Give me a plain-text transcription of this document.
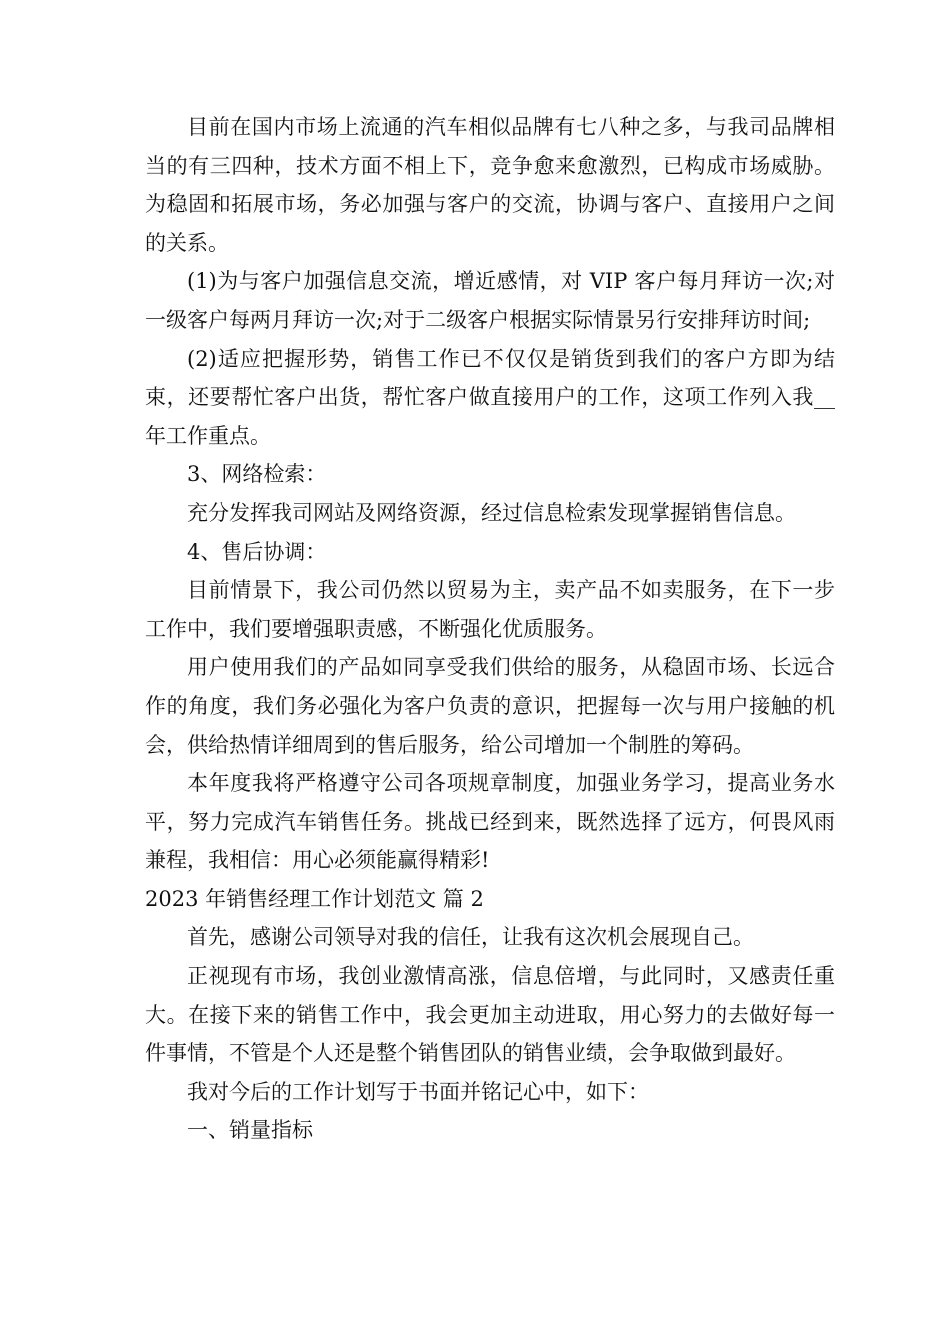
目前在国内市场上流通的汽车相似品牌有七八种之多，与我司品牌相当的有三四种，技术方面不相上下，竞争愈来愈激烈，已构成市场威胁。为稳固和拓展市场，务必加强与客户的交流，协调与客户、直接用户之间的关系。

(1)为与客户加强信息交流，增近感情，对 VIP 客户每月拜访一次;对一级客户每两月拜访一次;对于二级客户根据实际情景另行安排拜访时间;

(2)适应把握形势，销售工作已不仅仅是销货到我们的客户方即为结束，还要帮忙客户出货，帮忙客户做直接用户的工作，这项工作列入我__年工作重点。

3、网络检索：

充分发挥我司网站及网络资源，经过信息检索发现掌握销售信息。

4、售后协调：

目前情景下，我公司仍然以贸易为主，卖产品不如卖服务，在下一步工作中，我们要增强职责感，不断强化优质服务。

用户使用我们的产品如同享受我们供给的服务，从稳固市场、长远合作的角度，我们务必强化为客户负责的意识，把握每一次与用户接触的机会，供给热情详细周到的售后服务，给公司增加一个制胜的筹码。

本年度我将严格遵守公司各项规章制度，加强业务学习，提高业务水平，努力完成汽车销售任务。挑战已经到来，既然选择了远方，何畏风雨兼程，我相信：用心必须能赢得精彩!

2023 年销售经理工作计划范文 篇 2

首先，感谢公司领导对我的信任，让我有这次机会展现自己。

正视现有市场，我创业激情高涨，信息倍增，与此同时，又感责任重大。在接下来的销售工作中，我会更加主动进取，用心努力的去做好每一件事情，不管是个人还是整个销售团队的销售业绩，会争取做到最好。

我对今后的工作计划写于书面并铭记心中，如下：

一、销量指标
